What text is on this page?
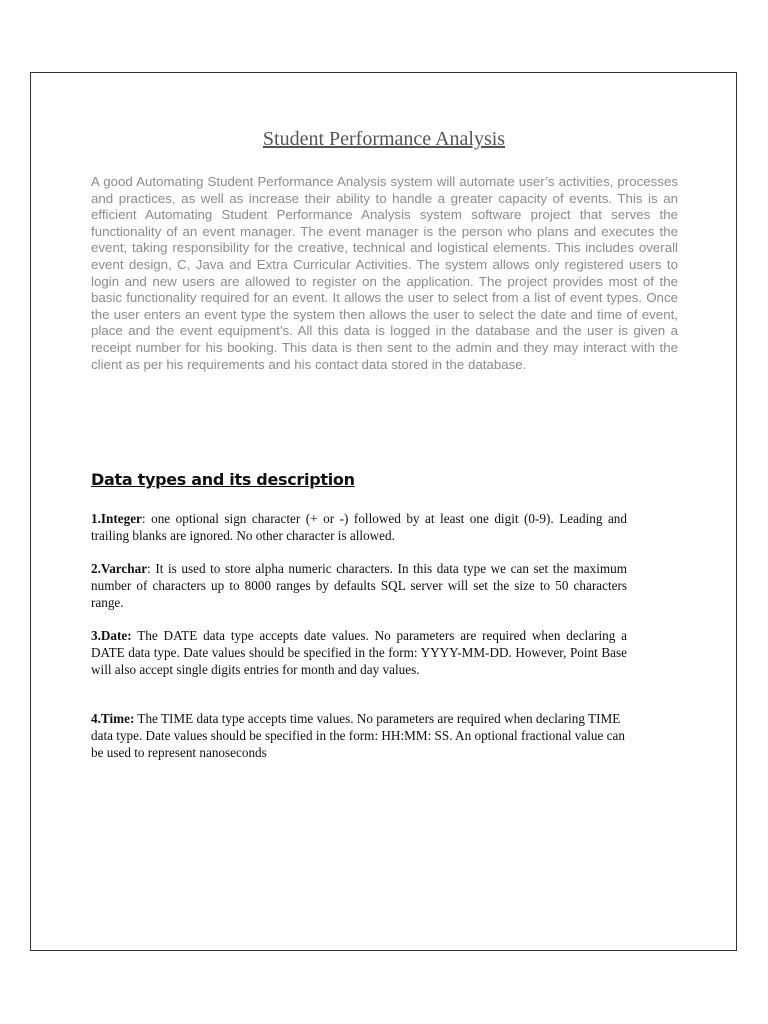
Student Performance Analysis

A good Automating Student Performance Analysis system will automate user’s activities, processes and practices, as well as increase their ability to handle a greater capacity of events. This is an efficient Automating Student Performance Analysis system software project that serves the functionality of an event manager. The event manager is the person who plans and executes the event, taking responsibility for the creative, technical and logistical elements. This includes overall event design, C, Java and Extra Curricular Activities. The system allows only registered users to login and new users are allowed to register on the application. The project provides most of the basic functionality required for an event. It allows the user to select from a list of event types. Once the user enters an event type the system then allows the user to select the date and time of event, place and the event equipment’s. All this data is logged in the database and the user is given a receipt number for his booking. This data is then sent to the admin and they may interact with the client as per his requirements and his contact data stored in the database.

Data types and its description

1.Integer: one optional sign character (+ or -) followed by at least one digit (0-9). Leading and trailing blanks are ignored. No other character is allowed.

2.Varchar: It is used to store alpha numeric characters. In this data type we can set the maximum number of characters up to 8000 ranges by defaults SQL server will set the size to 50 characters range.

3.Date: The DATE data type accepts date values. No parameters are required when declaring a DATE data type. Date values should be specified in the form: YYYY-MM-DD. However, Point Base will also accept single digits entries for month and day values.

4.Time: The TIME data type accepts time values. No parameters are required when declaring TIME data type. Date values should be specified in the form: HH:MM: SS. An optional fractional value can be used to represent nanoseconds
